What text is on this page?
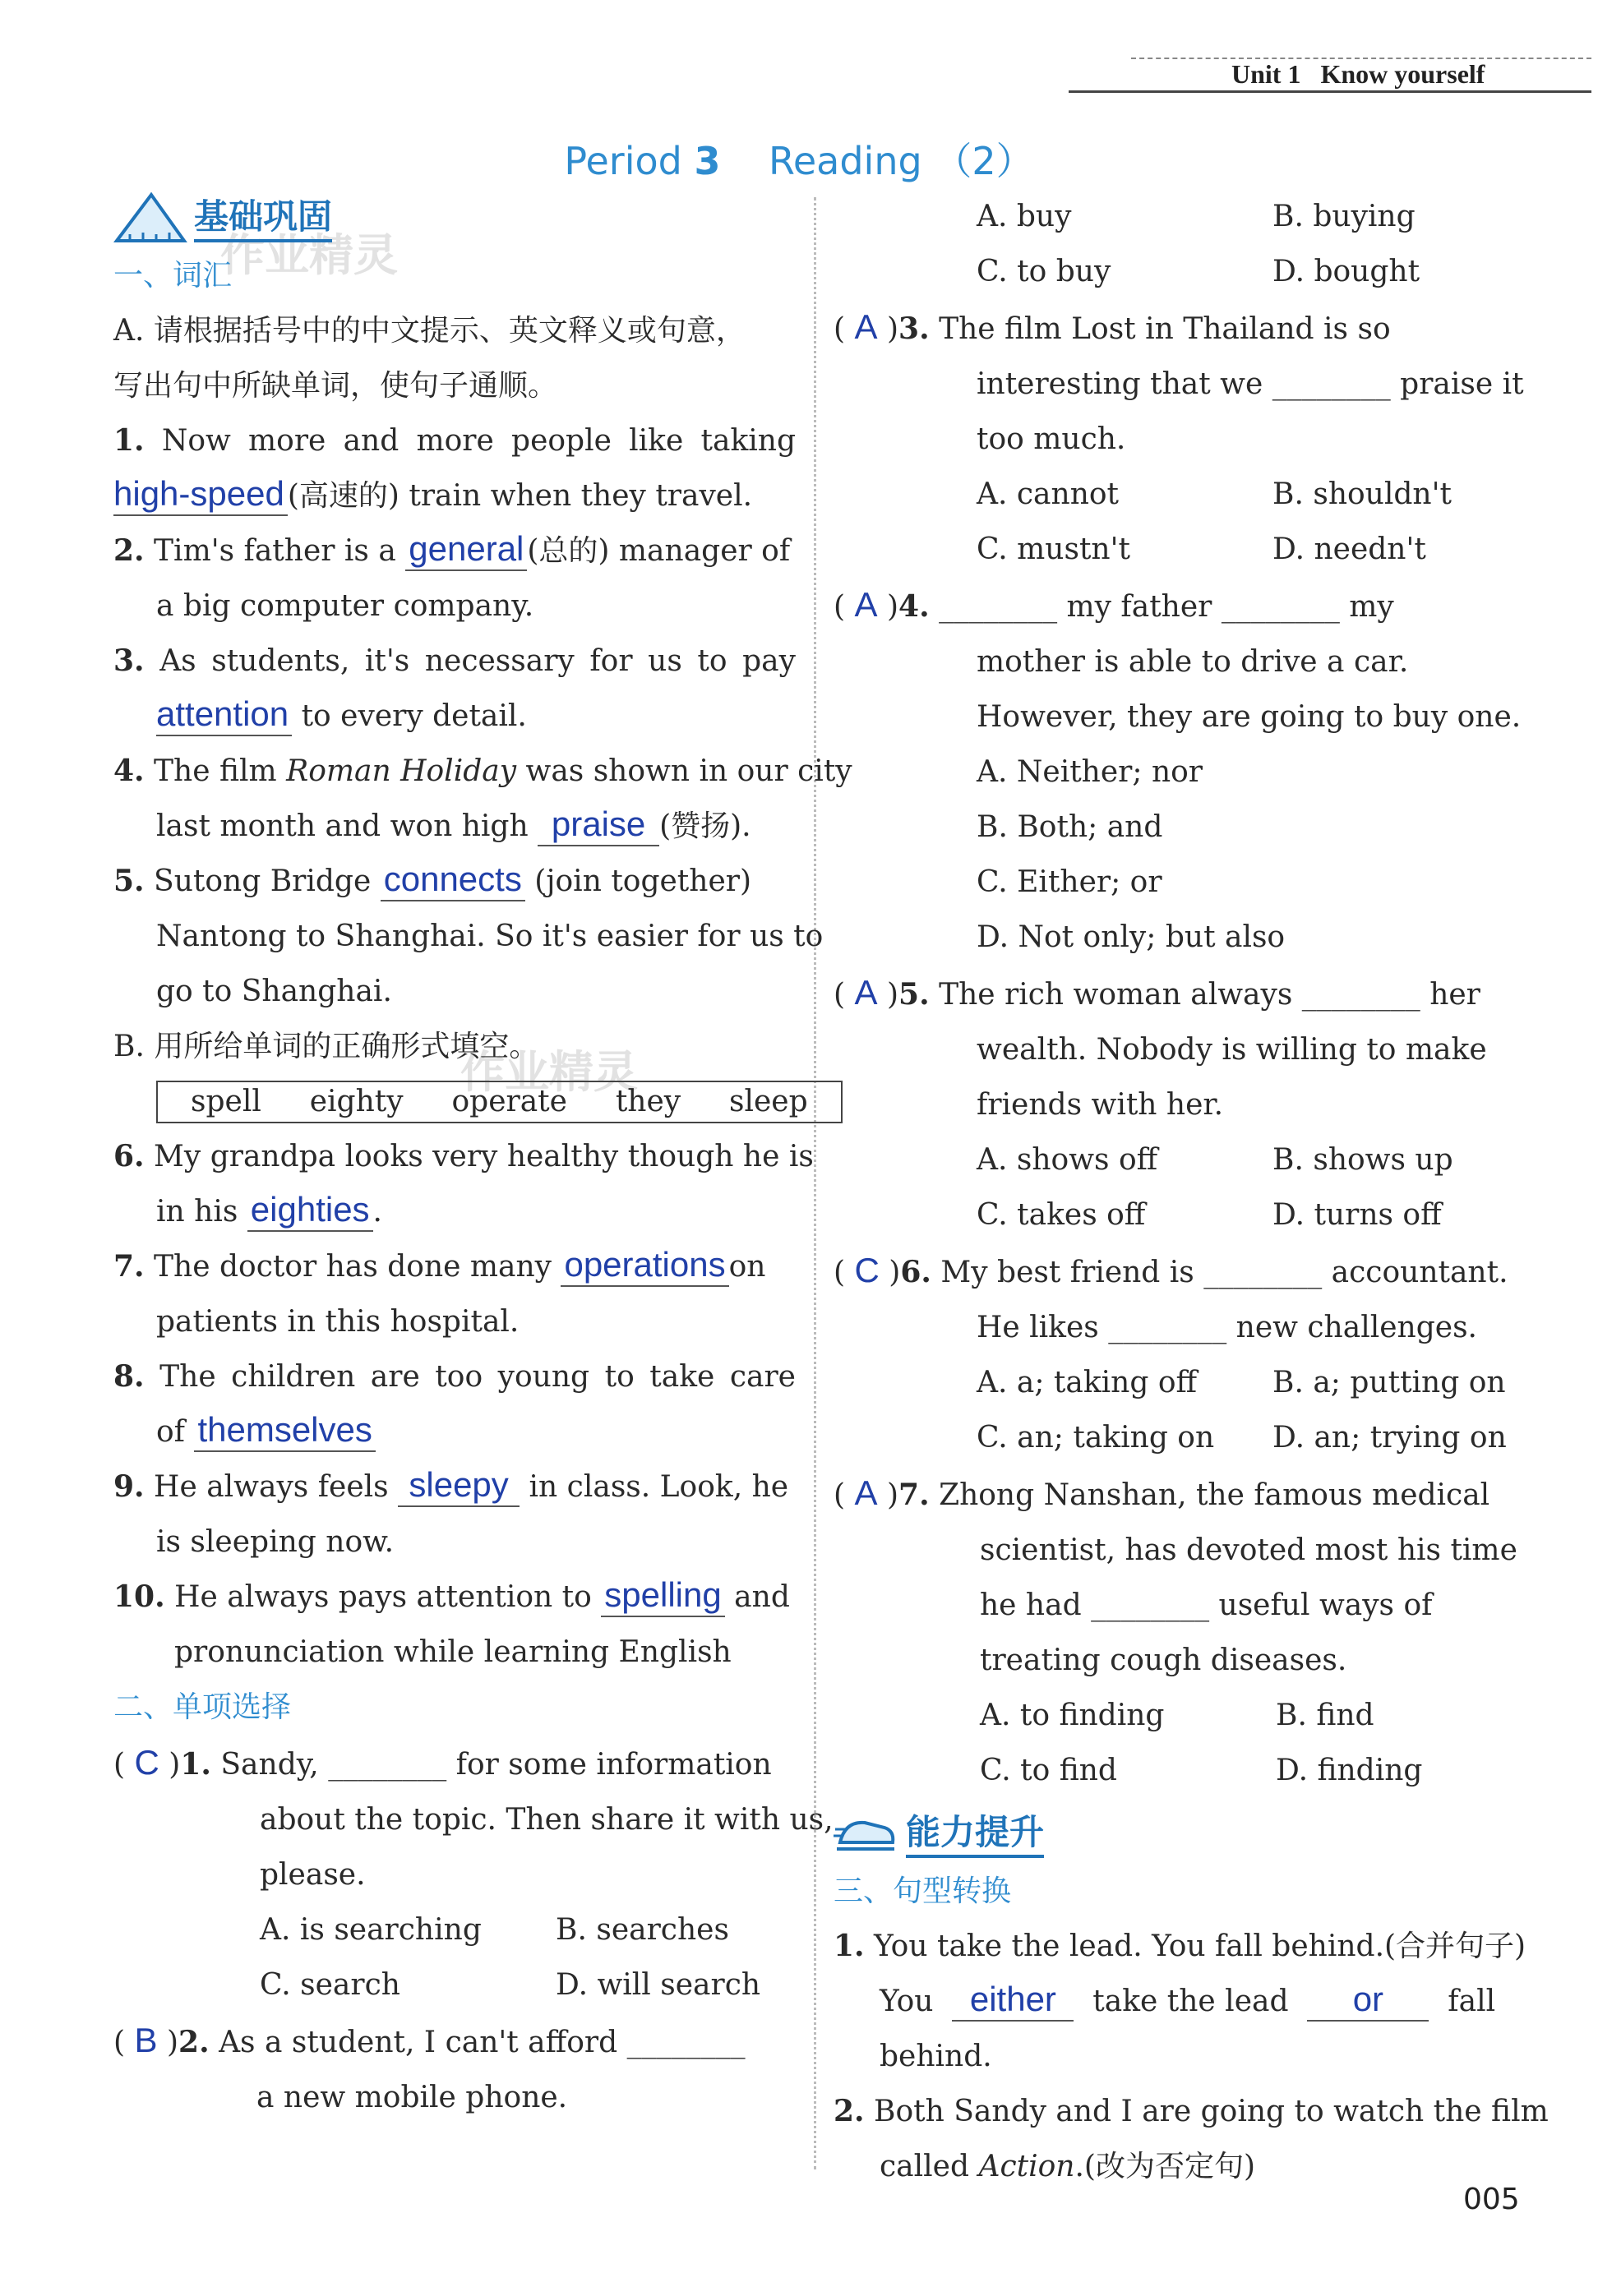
Unit 1 Know yourself
Period 3 Reading （2）
作业精灵
作业精灵
基础巩固
一、词汇
A. 请根据括号中的中文提示、英文释义或句意，
写出句中所缺单词，使句子通顺。
1. Now more and more people like taking
high-speed (高速的) train when they travel.
2. Tim's father is a general (总的) manager of
a big computer company.
3. As students, it's necessary for us to pay
attention to every detail.
4. The film Roman Holiday was shown in our city
last month and won high praise (赞扬).
5. Sutong Bridge connects (join together)
Nantong to Shanghai. So it's easier for us to
go to Shanghai.
B. 用所给单词的正确形式填空。
spell  eighty  operate  they  sleep
6. My grandpa looks very healthy though he is
in his eighties .
7. The doctor has done many operations on
patients in this hospital.
8. The children are too young to take care
of themselves
9. He always feels sleepy in class. Look, he
is sleeping now.
10. He always pays attention to spelling and
pronunciation while learning English
二、单项选择
( C )1. Sandy, ________ for some information
about the topic. Then share it with us,
please.
A. is searching	B. searches
C. search	D. will search
( B )2. As a student, I can't afford ________
a new mobile phone.
A. buy	B. buying
C. to buy	D. bought
( A )3. The film Lost in Thailand is so
interesting that we ________ praise it
too much.
A. cannot	B. shouldn't
C. mustn't	D. needn't
( A )4. ________ my father ________ my
mother is able to drive a car.
However, they are going to buy one.
A. Neither; nor
B. Both; and
C. Either; or
D. Not only; but also
( A )5. The rich woman always ________ her
wealth. Nobody is willing to make
friends with her.
A. shows off	B. shows up
C. takes off	D. turns off
( C )6. My best friend is ________ accountant.
He likes ________ new challenges.
A. a; taking off	B. a; putting on
C. an; taking on D. an; trying on
( A )7. Zhong Nanshan, the famous medical
scientist, has devoted most his time
he had ________ useful ways of
treating cough diseases.
A. to finding	B. find
C. to find	D. finding
能力提升
三、句型转换
1. You take the lead. You fall behind.(合并句子)
You either take the lead or fall
behind.
2. Both Sandy and I are going to watch the film
called Action.(改为否定句)
005
